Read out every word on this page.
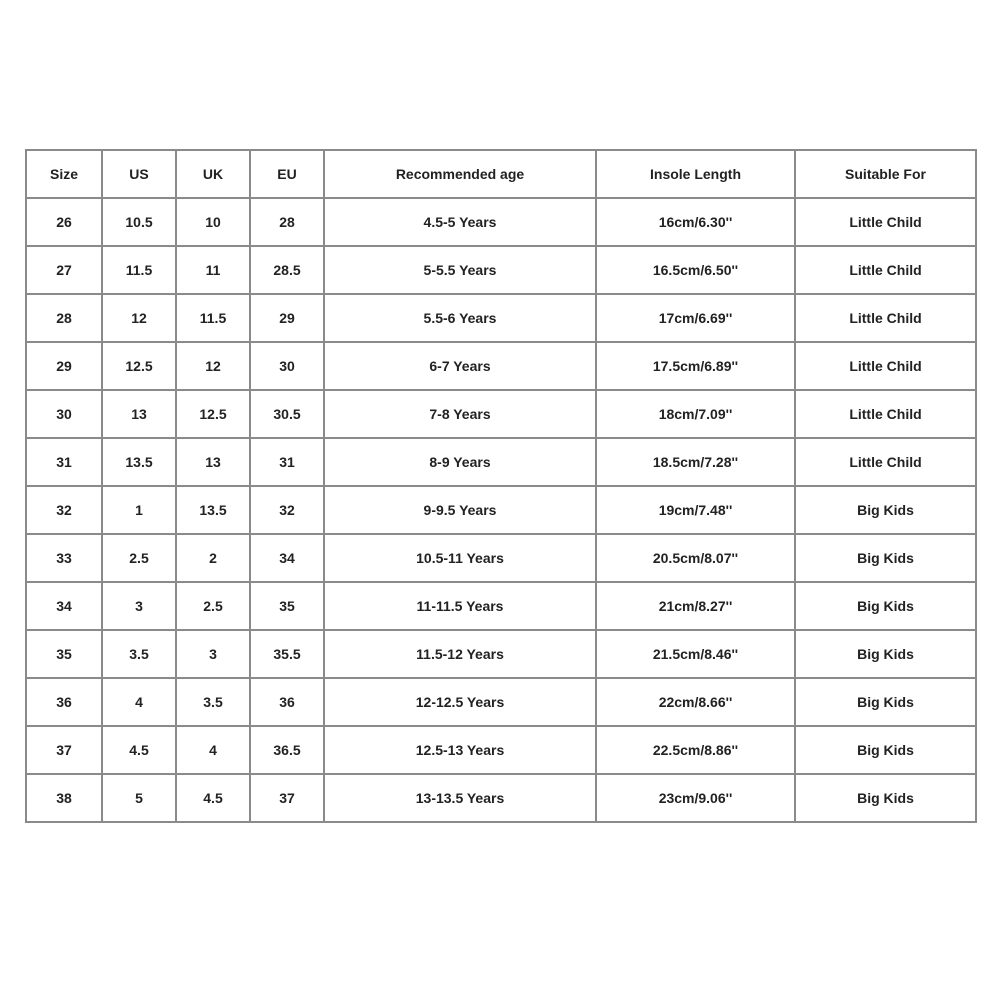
Size	US	UK	EU	Recommended age	Insole Length	Suitable For
26	10.5	10	28	4.5-5 Years	16cm/6.30''	Little Child
27	11.5	11	28.5	5-5.5 Years	16.5cm/6.50''	Little Child
28	12	11.5	29	5.5-6 Years	17cm/6.69''	Little Child
29	12.5	12	30	6-7 Years	17.5cm/6.89''	Little Child
30	13	12.5	30.5	7-8 Years	18cm/7.09''	Little Child
31	13.5	13	31	8-9 Years	18.5cm/7.28''	Little Child
32	1	13.5	32	9-9.5 Years	19cm/7.48''	Big Kids
33	2.5	2	34	10.5-11 Years	20.5cm/8.07''	Big Kids
34	3	2.5	35	11-11.5 Years	21cm/8.27''	Big Kids
35	3.5	3	35.5	11.5-12 Years	21.5cm/8.46''	Big Kids
36	4	3.5	36	12-12.5 Years	22cm/8.66''	Big Kids
37	4.5	4	36.5	12.5-13 Years	22.5cm/8.86''	Big Kids
38	5	4.5	37	13-13.5 Years	23cm/9.06''	Big Kids
